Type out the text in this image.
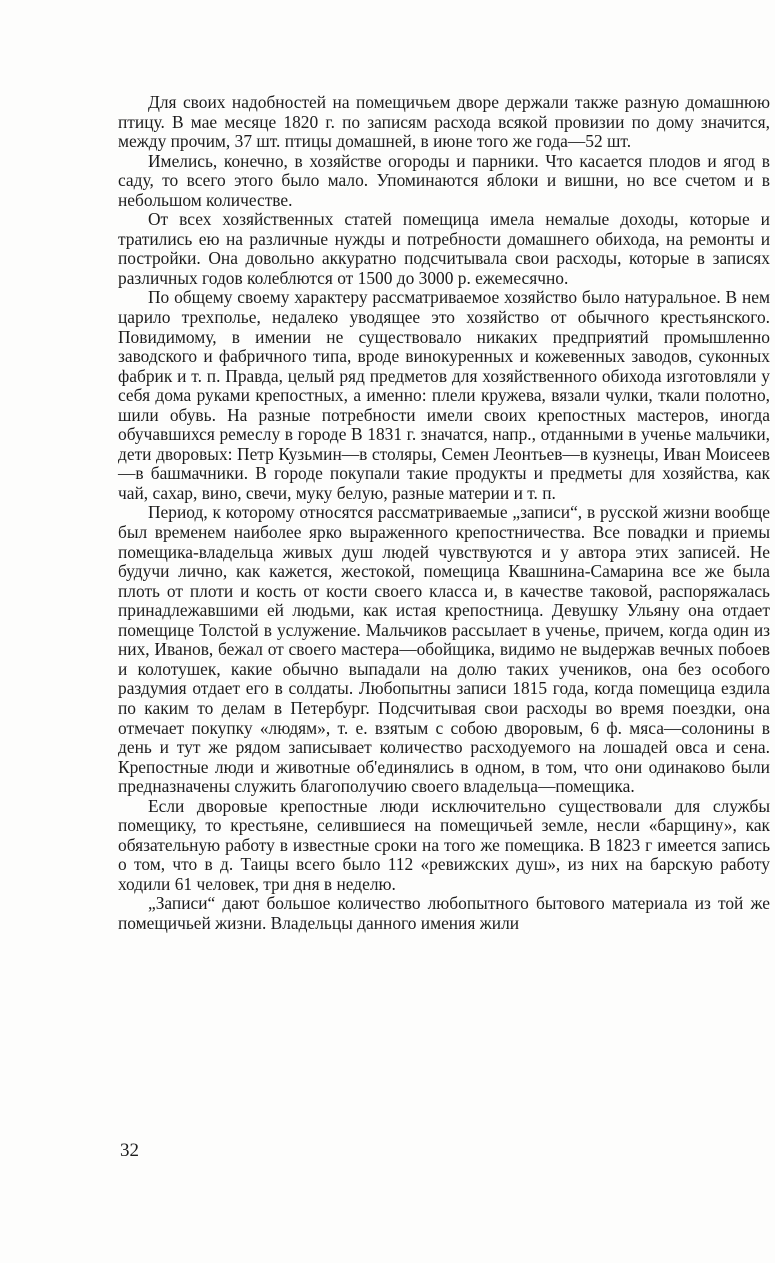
Для своих надобностей на помещичьем дворе держали также разную домашнюю птицу. В мае месяце 1820 г. по записям расхода всякой провизии по дому значится, между прочим, 37 шт. птицы домашней, в июне того же года—52 шт.

Имелись, конечно, в хозяйстве огороды и парники. Что касается плодов и ягод в саду, то всего этого было мало. Упоминаются яблоки и вишни, но все счетом и в небольшом количестве.

От всех хозяйственных статей помещица имела немалые доходы, которые и тратились ею на различные нужды и потребности домашнего обихода, на ремонты и постройки. Она довольно аккуратно подсчитывала свои расходы, которые в записях различных годов колеблются от 1500 до 3000 р. ежемесячно.

По общему своему характеру рассматриваемое хозяйство было натуральное. В нем царило трехполье, недалеко уводящее это хозяйство от обычного крестьянского. Повидимому, в имении не существовало никаких предприятий промышленно заводского и фабричного типа, вроде винокуренных и кожевенных заводов, суконных фабрик и т. п. Правда, целый ряд предметов для хозяйственного обихода изготовляли у себя дома руками крепостных, а именно: плели кружева, вязали чулки, ткали полотно, шили обувь. На разные потребности имели своих крепостных мастеров, иногда обучавшихся ремеслу в городе В 1831 г. значатся, напр., отданными в ученье мальчики, дети дворовых: Петр Кузьмин—в столяры, Семен Леонтьев—в кузнецы, Иван Моисеев—в башмачники. В городе покупали такие продукты и предметы для хозяйства, как чай, сахар, вино, свечи, муку белую, разные материи и т. п.

Период, к которому относятся рассматриваемые „записи“, в русской жизни вообще был временем наиболее ярко выраженного крепостничества. Все повадки и приемы помещика-владельца живых душ людей чувствуются и у автора этих записей. Не будучи лично, как кажется, жестокой, помещица Квашнина-Самарина все же была плоть от плоти и кость от кости своего класса и, в качестве таковой, распоряжалась принадлежавшими ей людьми, как истая крепостница. Девушку Ульяну она отдает помещице Толстой в услужение. Мальчиков рассылает в ученье, причем, когда один из них, Иванов, бежал от своего мастера—обойщика, видимо не выдержав вечных побоев и колотушек, какие обычно выпадали на долю таких учеников, она без особого раздумия отдает его в солдаты. Любопытны записи 1815 года, когда помещица ездила по каким то делам в Петербург. Подсчитывая свои расходы во время поездки, она отмечает покупку «людям», т. е. взятым с собою дворовым, 6 ф. мяса—солонины в день и тут же рядом записывает количество расходуемого на лошадей овса и сена. Крепостные люди и животные об'единялись в одном, в том, что они одинаково были предназначены служить благополучию своего владельца—помещика.

Если дворовые крепостные люди исключительно существовали для службы помещику, то крестьяне, селившиеся на помещичьей земле, несли «барщину», как обязательную работу в известные сроки на того же помещика. В 1823 г имеется запись о том, что в д. Таицы всего было 112 «ревижских душ», из них на барскую работу ходили 61 человек, три дня в неделю.

„Записи“ дают большое количество любопытного бытового материала из той же помещичьей жизни. Владельцы данного имения жили

32
